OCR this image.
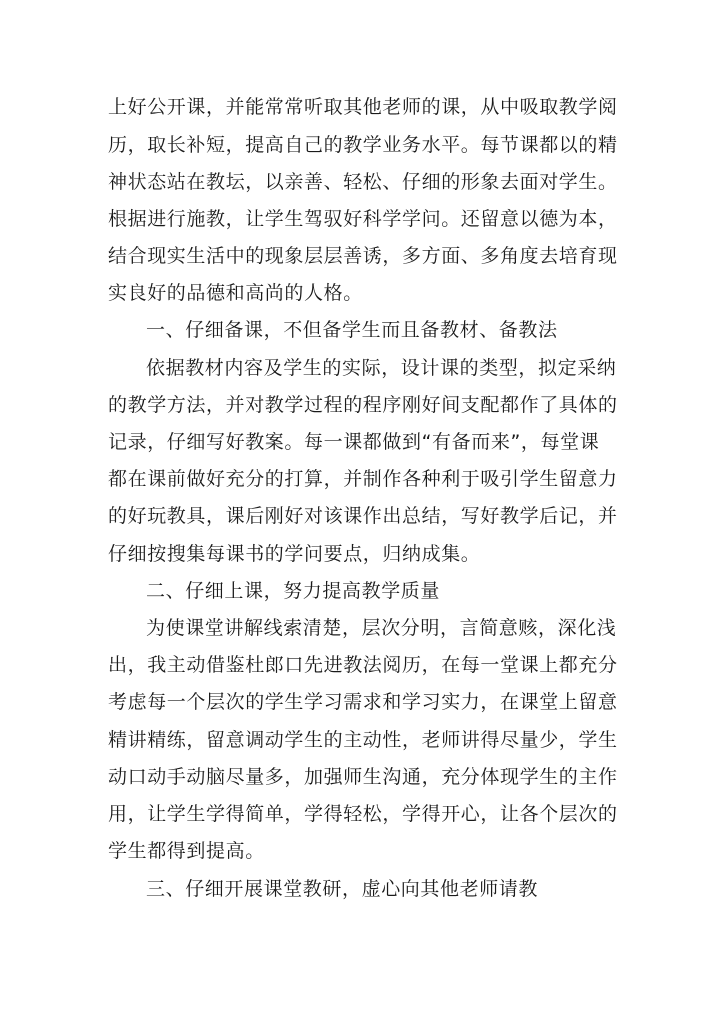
上好公开课，并能常常听取其他老师的课，从中吸取教学阅
历，取长补短，提高自己的教学业务水平。每节课都以的精
神状态站在教坛，以亲善、轻松、仔细的形象去面对学生。
根据进行施教，让学生驾驭好科学学问。还留意以德为本，
结合现实生活中的现象层层善诱，多方面、多角度去培育现
实良好的品德和高尚的人格。
一、仔细备课，不但备学生而且备教材、备教法
依据教材内容及学生的实际，设计课的类型，拟定采纳
的教学方法，并对教学过程的程序刚好间支配都作了具体的
记录，仔细写好教案。每一课都做到“有备而来”，每堂课
都在课前做好充分的打算，并制作各种利于吸引学生留意力
的好玩教具，课后刚好对该课作出总结，写好教学后记，并
仔细按搜集每课书的学问要点，归纳成集。
二、仔细上课，努力提高教学质量
为使课堂讲解线索清楚，层次分明，言简意赅，深化浅
出，我主动借鉴杜郎口先进教法阅历，在每一堂课上都充分
考虑每一个层次的学生学习需求和学习实力，在课堂上留意
精讲精练，留意调动学生的主动性，老师讲得尽量少，学生
动口动手动脑尽量多，加强师生沟通，充分体现学生的主作
用，让学生学得简单，学得轻松，学得开心，让各个层次的
学生都得到提高。
三、仔细开展课堂教研，虚心向其他老师请教
